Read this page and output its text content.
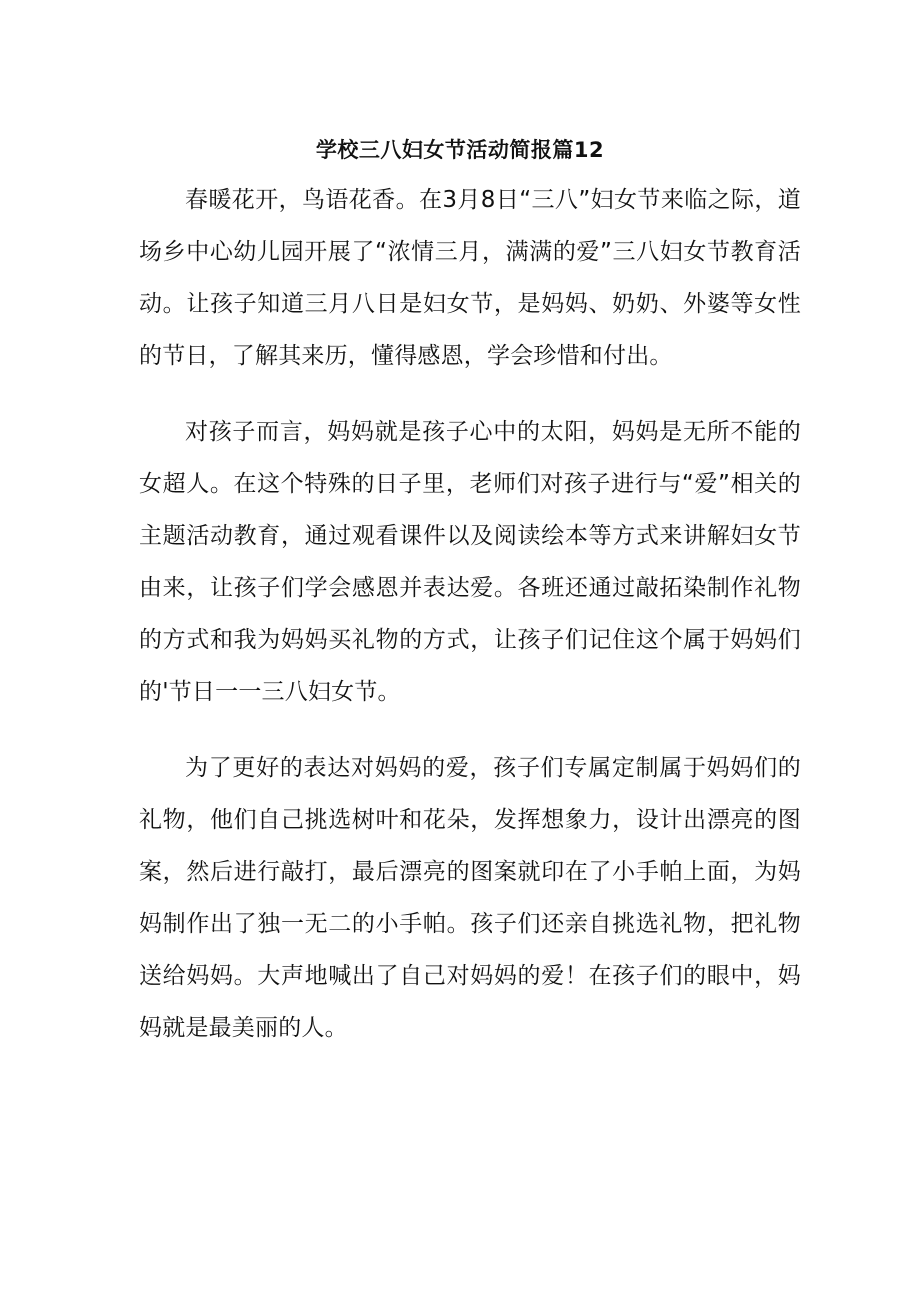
学校三八妇女节活动简报篇12

春暖花开，鸟语花香。在3月8日“三八”妇女节来临之际，道场乡中心幼儿园开展了“浓情三月，满满的爱”三八妇女节教育活动。让孩子知道三月八日是妇女节，是妈妈、奶奶、外婆等女性的节日，了解其来历，懂得感恩，学会珍惜和付出。

对孩子而言，妈妈就是孩子心中的太阳，妈妈是无所不能的女超人。在这个特殊的日子里，老师们对孩子进行与“爱”相关的主题活动教育，通过观看课件以及阅读绘本等方式来讲解妇女节由来，让孩子们学会感恩并表达爱。各班还通过敲拓染制作礼物的方式和我为妈妈买礼物的方式，让孩子们记住这个属于妈妈们的'节日一一三八妇女节。

为了更好的表达对妈妈的爱，孩子们专属定制属于妈妈们的礼物，他们自己挑选树叶和花朵，发挥想象力，设计出漂亮的图案，然后进行敲打，最后漂亮的图案就印在了小手帕上面，为妈妈制作出了独一无二的小手帕。孩子们还亲自挑选礼物，把礼物送给妈妈。大声地喊出了自己对妈妈的爱！在孩子们的眼中，妈妈就是最美丽的人。
